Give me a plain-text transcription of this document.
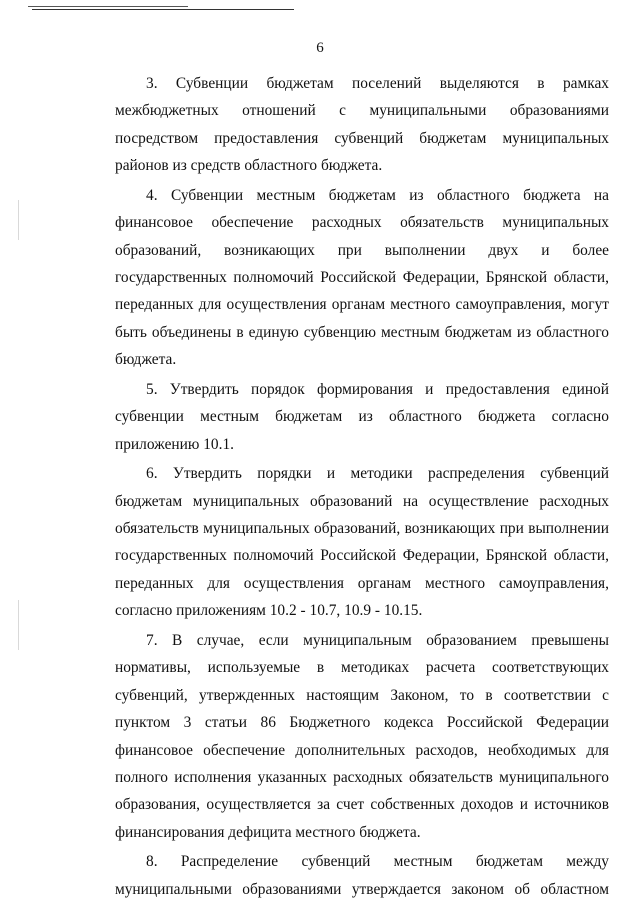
6

3. Субвенции бюджетам поселений выделяются в рамках межбюджетных отношений с муниципальными образованиями посредством предоставления субвенций бюджетам муниципальных районов из средств областного бюджета.

4. Субвенции местным бюджетам из областного бюджета на финансовое обеспечение расходных обязательств муниципальных образований, возникающих при выполнении двух и более государственных полномочий Российской Федерации, Брянской области, переданных для осуществления органам местного самоуправления, могут быть объединены в единую субвенцию местным бюджетам из областного бюджета.

5. Утвердить порядок формирования и предоставления единой субвенции местным бюджетам из областного бюджета согласно приложению 10.1.

6. Утвердить порядки и методики распределения субвенций бюджетам муниципальных образований на осуществление расходных обязательств муниципальных образований, возникающих при выполнении государственных полномочий Российской Федерации, Брянской области, переданных для осуществления органам местного самоуправления, согласно приложениям 10.2 - 10.7, 10.9 - 10.15.

7. В случае, если муниципальным образованием превышены нормативы, используемые в методиках расчета соответствующих субвенций, утвержденных настоящим Законом, то в соответствии с пунктом 3 статьи 86 Бюджетного кодекса Российской Федерации финансовое обеспечение дополнительных расходов, необходимых для полного исполнения указанных расходных обязательств муниципального образования, осуществляется за счет собственных доходов и источников финансирования дефицита местного бюджета.

8. Распределение субвенций местным бюджетам между муниципальными образованиями утверждается законом об областном
